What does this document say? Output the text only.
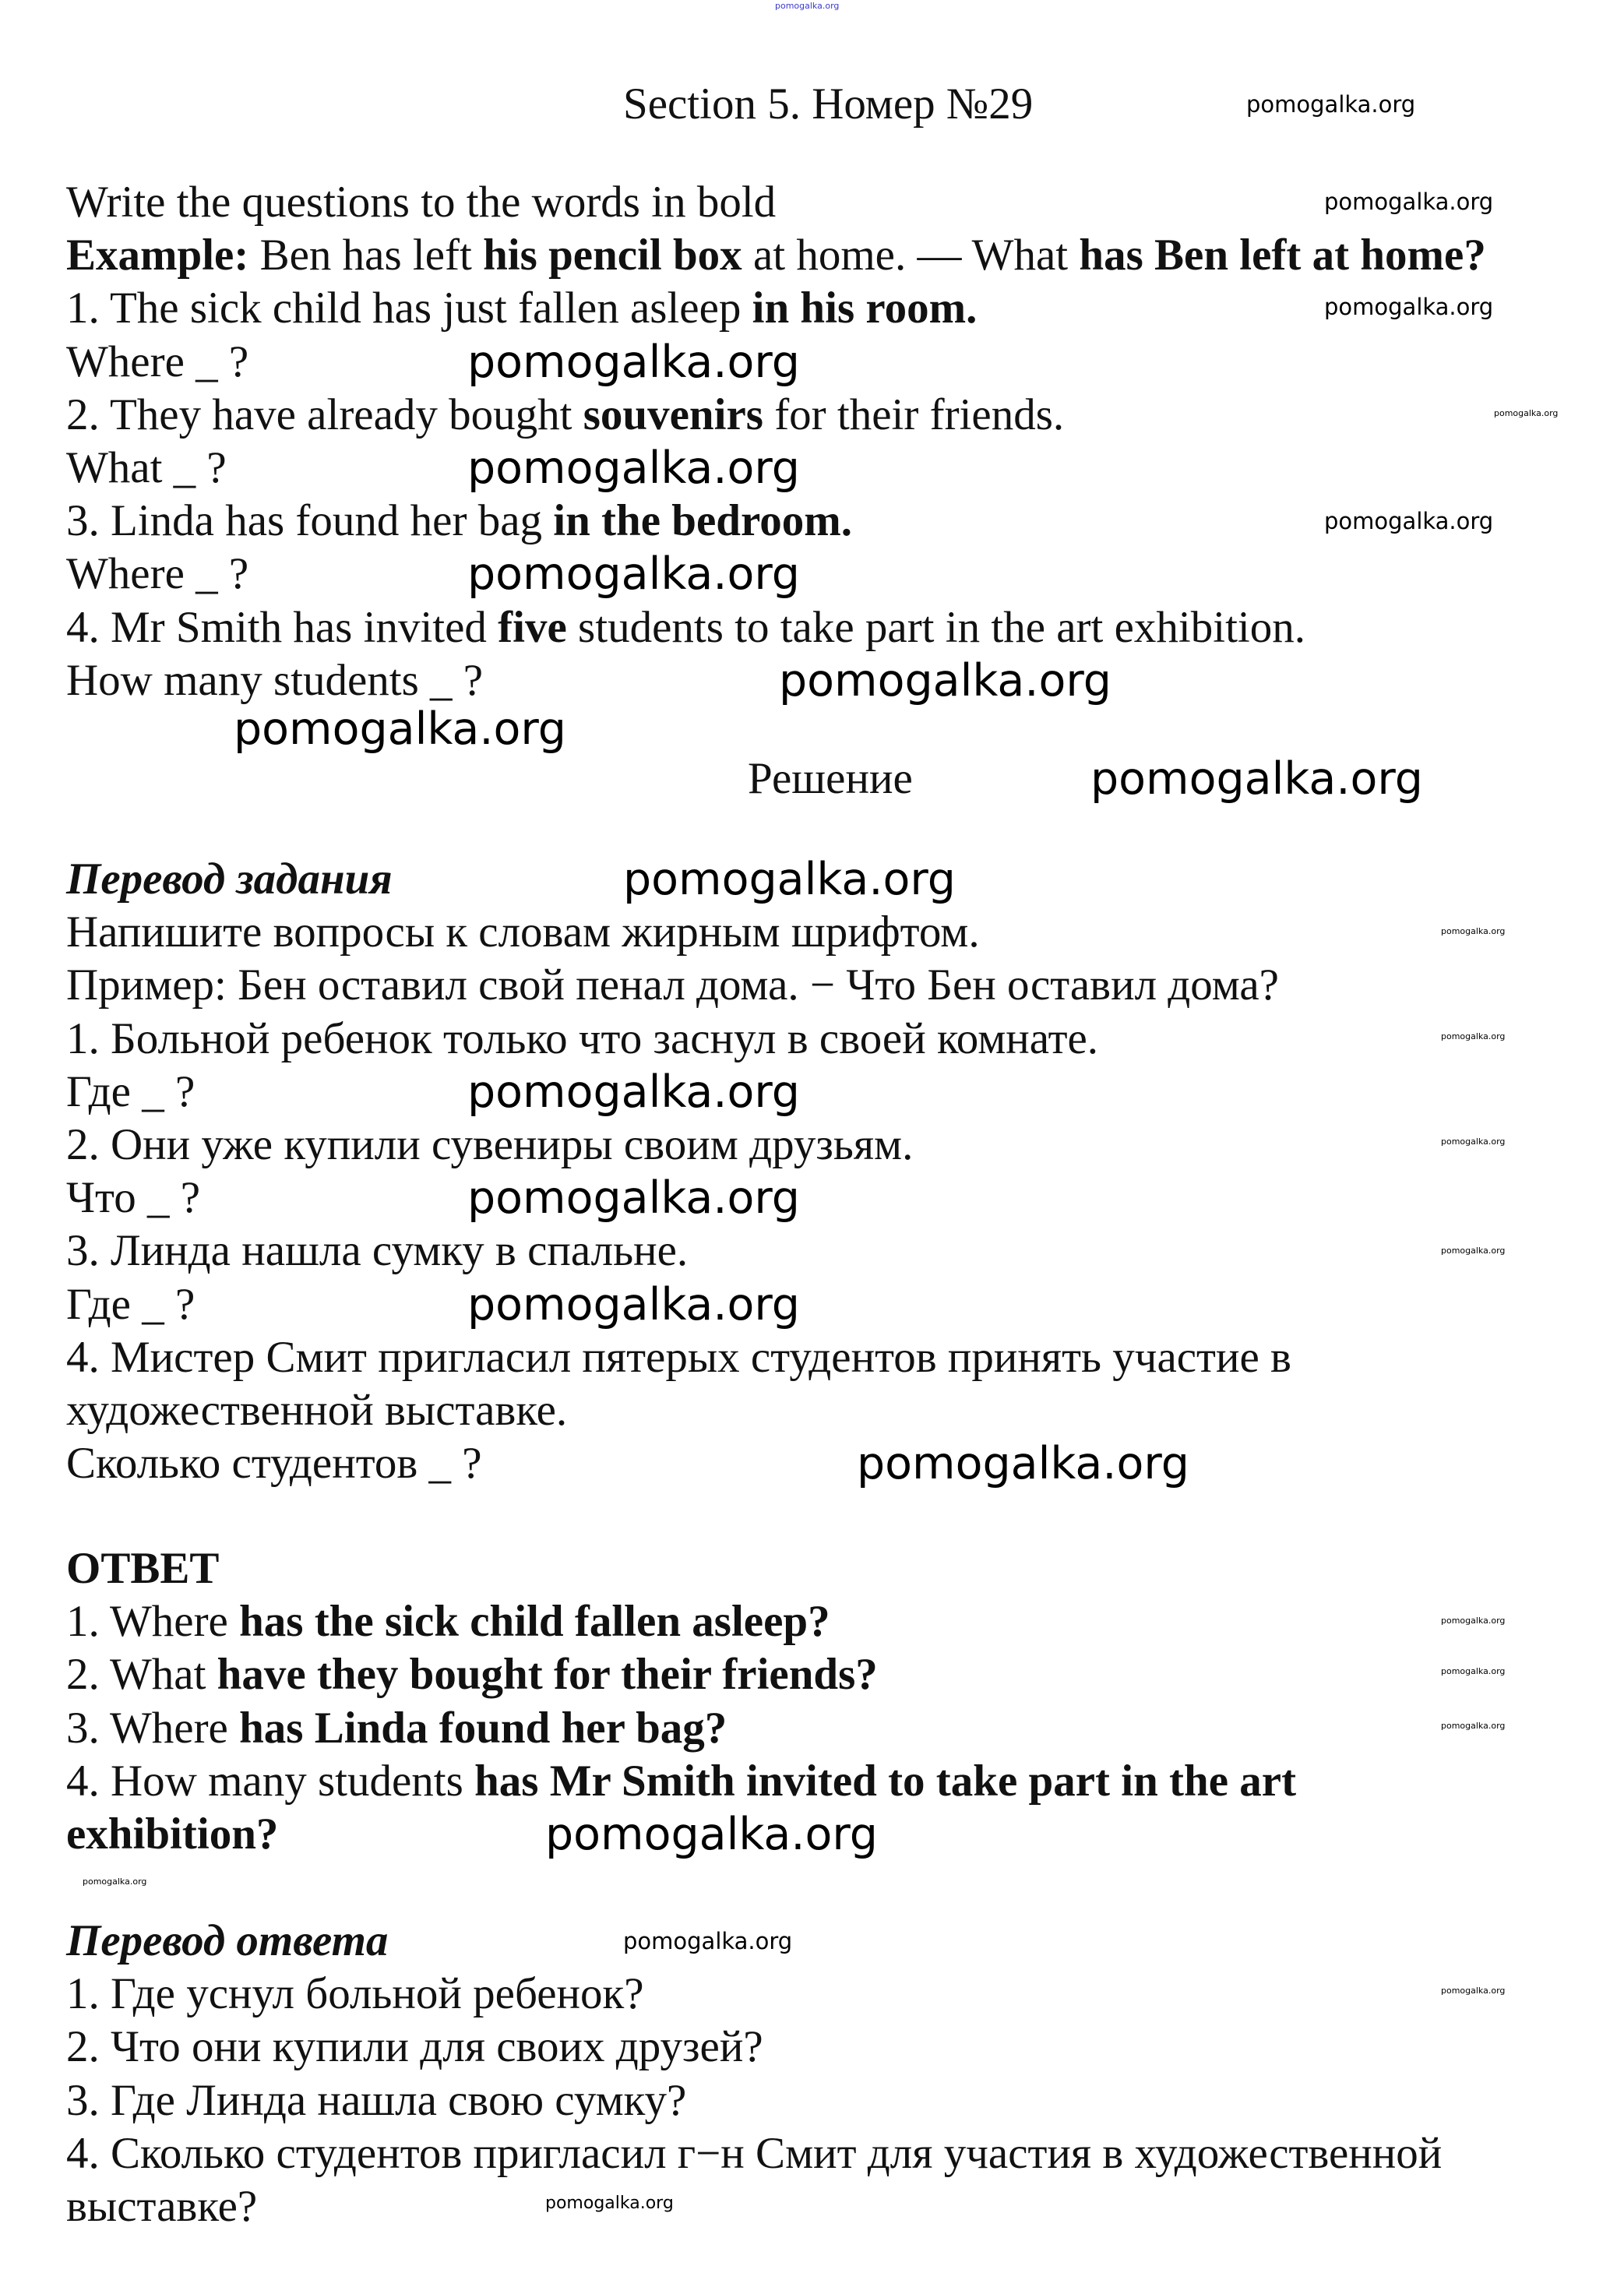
Section 5. Номер №29
Write the questions to the words in bold
Example: Ben has left his pencil box at home. — What has Ben left at home?
1. The sick child has just fallen asleep in his room.
Where _ ?
2. They have already bought souvenirs for their friends.
What _ ?
3. Linda has found her bag in the bedroom.
Where _ ?
4. Mr Smith has invited five students to take part in the art exhibition.
How many students _ ?
Решение
Перевод задания
Напишите вопросы к словам жирным шрифтом.
Пример: Бен оставил свой пенал дома. − Что Бен оставил дома?
1. Больной ребенок только что заснул в своей комнате.
Где _ ?
2. Они уже купили сувениры своим друзьям.
Что _ ?
3. Линда нашла сумку в спальне.
Где _ ?
4. Мистер Смит пригласил пятерых студентов принять участие в
художественной выставке.
Сколько студентов _ ?
ОТВЕТ
1. Where has the sick child fallen asleep?
2. What have they bought for their friends?
3. Where has Linda found her bag?
4. How many students has Mr Smith invited to take part in the art
exhibition?
Перевод ответа
1. Где уснул больной ребенок?
2. Что они купили для своих друзей?
3. Где Линда нашла свою сумку?
4. Сколько студентов пригласил г−н Смит для участия в художественной
выставке?
pomogalka.org
pomogalka.org
pomogalka.org
pomogalka.org
pomogalka.org
pomogalka.org
pomogalka.org
pomogalka.org
pomogalka.org
pomogalka.org
pomogalka.org
pomogalka.org
pomogalka.org
pomogalka.org
pomogalka.org
pomogalka.org
pomogalka.org
pomogalka.org
pomogalka.org
pomogalka.org
pomogalka.org
pomogalka.org
pomogalka.org
pomogalka.org
pomogalka.org
pomogalka.org
pomogalka.org
pomogalka.org
pomogalka.org
